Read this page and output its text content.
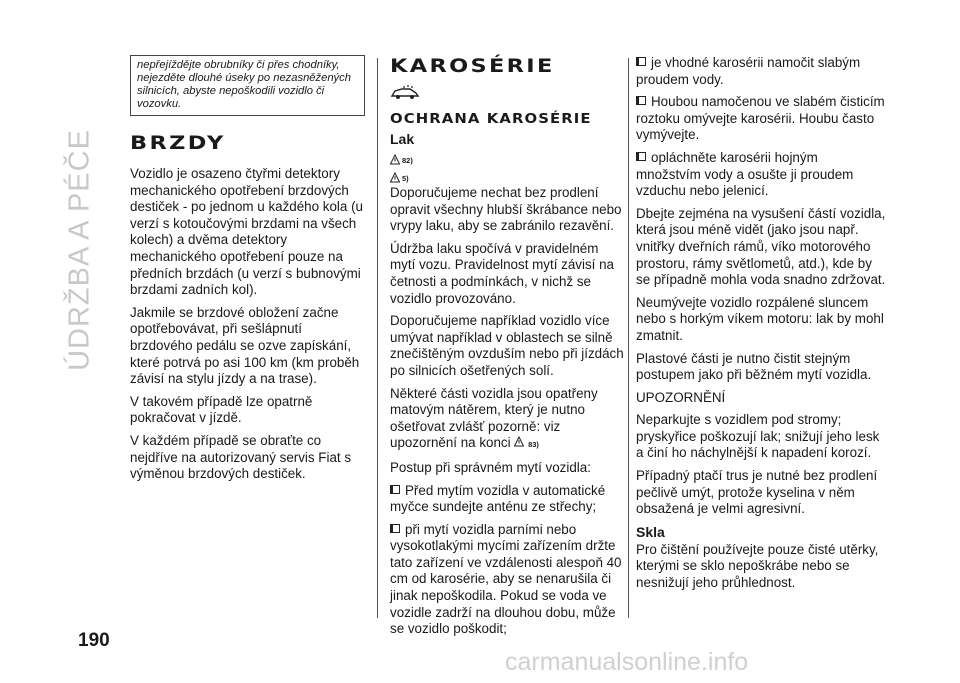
ÚDRŽBA A PÉČE
nepřejíždějte obrubníky či přes chodníky, nejezděte dlouhé úseky po nezasněžených silnicích, abyste nepoškodili vozidlo či vozovku.
BRZDY

Vozidlo je osazeno čtyřmi detektory mechanického opotřebení brzdových destiček - po jednom u každého kola (u verzí s kotoučovými brzdami na všech kolech) a dvěma detektory mechanického opotřebení pouze na předních brzdách (u verzí s bubnovými brzdami zadních kol).

Jakmile se brzdové obložení začne opotřebovávat, při sešlápnutí brzdového pedálu se ozve zapískání, které potrvá po asi 100 km (km proběh závisí na stylu jízdy a na trase).

V takovém případě lze opatrně pokračovat v jízdě.

V každém případě se obraťte co nejdříve na autorizovaný servis Fiat s výměnou brzdových destiček.

KAROSÉRIE
OCHRANA KAROSÉRIE
Lak
82)
5)

Doporučujeme nechat bez prodlení opravit všechny hlubší škrábance nebo vrypy laku, aby se zabránilo rezavění.

Údržba laku spočívá v pravidelném mytí vozu. Pravidelnost mytí závisí na četnosti a podmínkách, v nichž se vozidlo provozováno.

Doporučujeme například vozidlo více umývat například v oblastech se silně znečištěným ovzduším nebo při jízdách po silnicích ošetřených solí.

Některé části vozidla jsou opatřeny matovým nátěrem, který je nutno ošetřovat zvlášť pozorně: viz upozornění na konci 83)

Postup při správném mytí vozidla:

Před mytím vozidla v automatické myčce sundejte anténu ze střechy;

při mytí vozidla parními nebo vysokotlakými mycími zařízením držte tato zařízení ve vzdálenosti alespoň 40 cm od karosérie, aby se nenarušila či jinak nepoškodila. Pokud se voda ve vozidle zadrží na dlouhou dobu, může se vozidlo poškodit;

je vhodné karosérii namočit slabým proudem vody.

Houbou namočenou ve slabém čisticím roztoku omývejte karosérii. Houbu často vymývejte.

opláchněte karosérii hojným množstvím vody a osušte ji proudem vzduchu nebo jelenicí.

Dbejte zejména na vysušení částí vozidla, která jsou méně vidět (jako jsou např. vnitřky dveřních rámů, víko motorového prostoru, rámy světlometů, atd.), kde by se případně mohla voda snadno zdržovat.

Neumývejte vozidlo rozpálené sluncem nebo s horkým víkem motoru: lak by mohl zmatnit.

Plastové části je nutno čistit stejným postupem jako při běžném mytí vozidla.

UPOZORNĚNÍ

Neparkujte s vozidlem pod stromy; pryskyřice poškozují lak; snižují jeho lesk a činí ho náchylnější k napadení korozí.

Případný ptačí trus je nutné bez prodlení pečlivě umýt, protože kyselina v něm obsažená je velmi agresivní.

Skla

Pro čištění používejte pouze čisté utěrky, kterými se sklo nepoškrábe nebo se nesnižují jeho průhlednost.

190
carmanualsonline.info
